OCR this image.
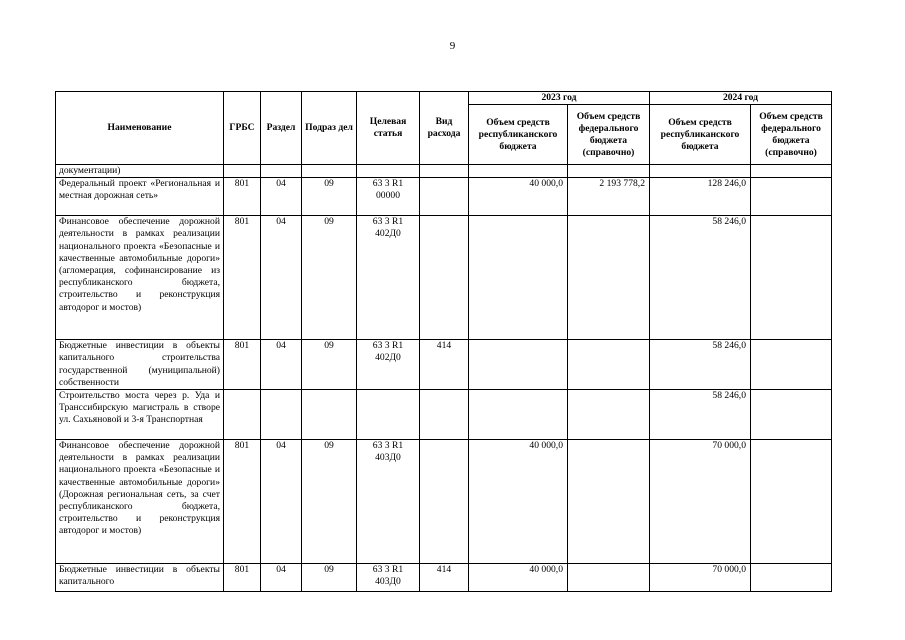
9
Наименование	ГРБС	Раздел	Подраз дел	Целевая статья	Вид расхода	2023 год		2024 год	
						Объем средств республиканского бюджета	Объем средств федерального бюджета (справочно)	Объем средств республиканского бюджета	Объем средств федерального бюджета (справочно)
документации)									
Федеральный проект «Региональная и местная дорожная сеть»	801	04	09	63 3 R1 00000		40 000,0	2 193 778,2	128 246,0	
Финансовое обеспечение дорожной деятельности в рамках реализации национального проекта «Безопасные и качественные автомобильные дороги» (агломерация, софинансирование из республиканского бюджета, строительство и реконструкция автодорог и мостов)	801	04	09	63 3 R1 402Д0				58 246,0	
Бюджетные инвестиции в объекты капитального строительства государственной (муниципальной) собственности	801	04	09	63 3 R1 402Д0	414			58 246,0	
Строительство моста через р. Уда и Транссибирскую магистраль в створе ул. Сахьяновой и 3-я Транспортная								58 246,0	
Финансовое обеспечение дорожной деятельности в рамках реализации национального проекта «Безопасные и качественные автомобильные дороги» (Дорожная региональная сеть, за счет республиканского бюджета, строительство и реконструкция автодорог и мостов)	801	04	09	63 3 R1 403Д0		40 000,0		70 000,0	
Бюджетные инвестиции в объекты капитального	801	04	09	63 3 R1 403Д0	414	40 000,0		70 000,0	
